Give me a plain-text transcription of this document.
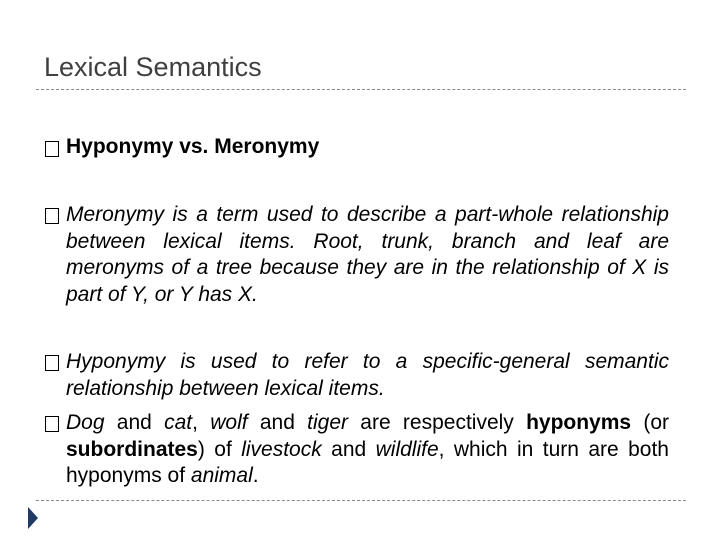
Lexical Semantics
Hyponymy vs. Meronymy

Meronymy is a term used to describe a part-whole relationship between lexical items. Root, trunk, branch and leaf are meronyms of a tree because they are in the relationship of X is part of Y, or Y has X.

Hyponymy is used to refer to a specific-general semantic relationship between lexical items.

Dog and cat, wolf and tiger are respectively hyponyms (or subordinates) of livestock and wildlife, which in turn are both hyponyms of animal.
